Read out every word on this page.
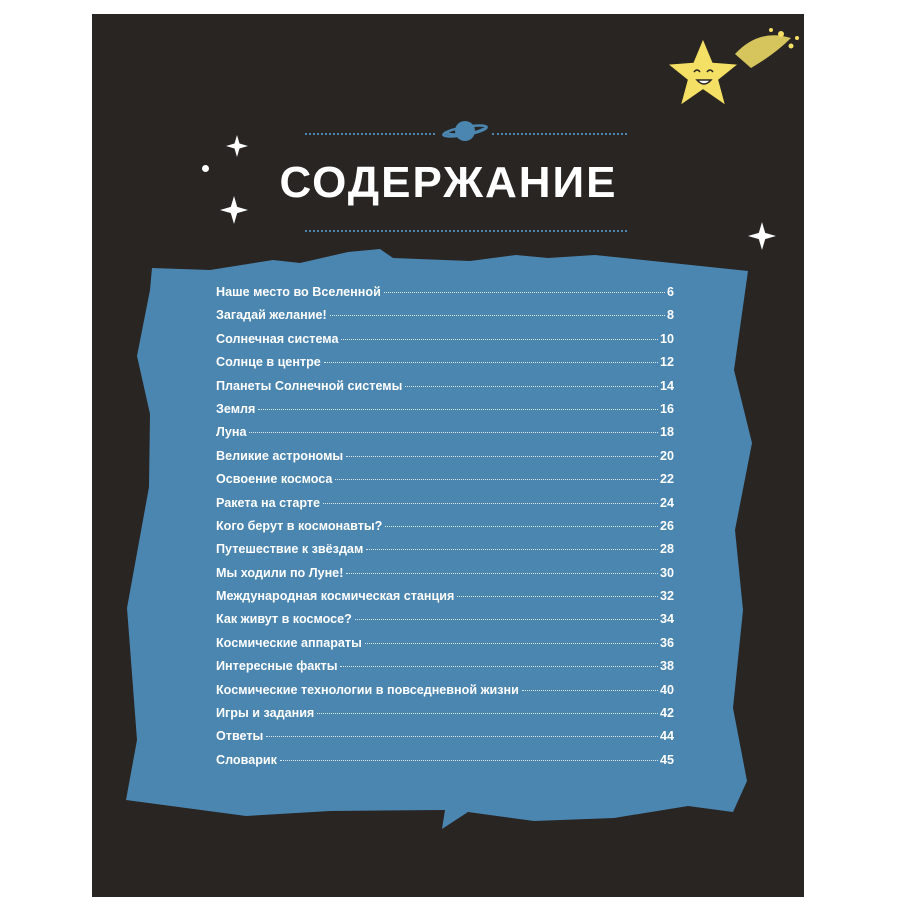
СОДЕРЖАНИЕ
Наше место во Вселенной	6
Загадай желание!	8
Солнечная система	10
Солнце в центре	12
Планеты Солнечной системы	14
Земля	16
Луна	18
Великие астрономы	20
Освоение космоса	22
Ракета на старте	24
Кого берут в космонавты?	26
Путешествие к звёздам	28
Мы ходили по Луне!	30
Международная космическая станция	32
Как живут в космосе?	34
Космические аппараты	36
Интересные факты	38
Космические технологии в повседневной жизни	40
Игры и задания	42
Ответы	44
Словарик	45
